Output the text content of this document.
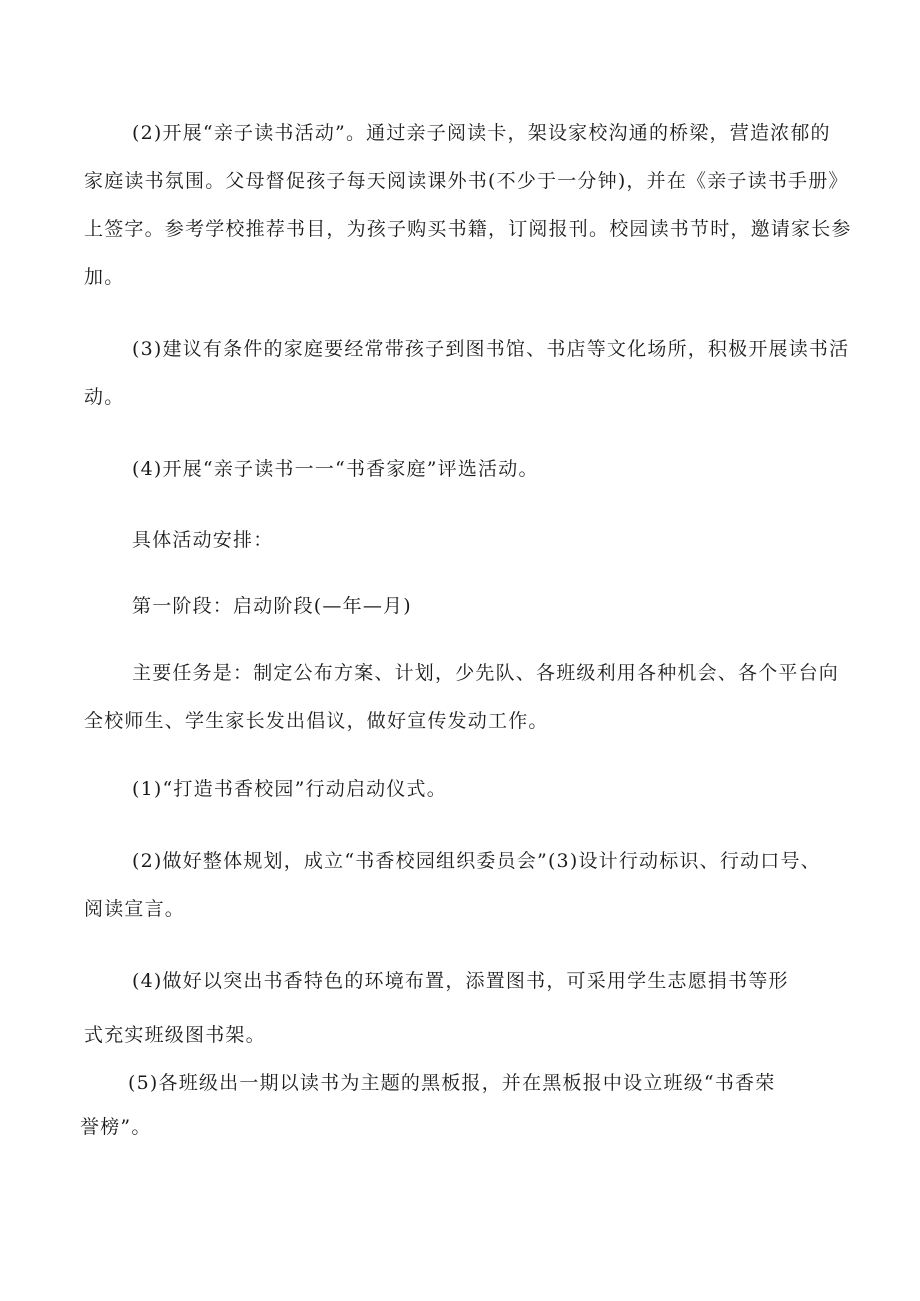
(2)开展“亲子读书活动”。通过亲子阅读卡，架设家校沟通的桥梁，营造浓郁的
家庭读书氛围。父母督促孩子每天阅读课外书(不少于一分钟)，并在《亲子读书手册》
上签字。参考学校推荐书目，为孩子购买书籍，订阅报刊。校园读书节时，邀请家长参
加。
(3)建议有条件的家庭要经常带孩子到图书馆、书店等文化场所，积极开展读书活
动。
(4)开展“亲子读书一一“书香家庭”评选活动。
具体活动安排：
第一阶段：启动阶段(—年—月)
主要任务是：制定公布方案、计划，少先队、各班级利用各种机会、各个平台向
全校师生、学生家长发出倡议，做好宣传发动工作。
(1)“打造书香校园”行动启动仪式。
(2)做好整体规划，成立“书香校园组织委员会”(3)设计行动标识、行动口号、
阅读宣言。
(4)做好以突出书香特色的环境布置，添置图书，可采用学生志愿捐书等形
式充实班级图书架。
(5)各班级出一期以读书为主题的黑板报，并在黑板报中设立班级“书香荣
誉榜”。
